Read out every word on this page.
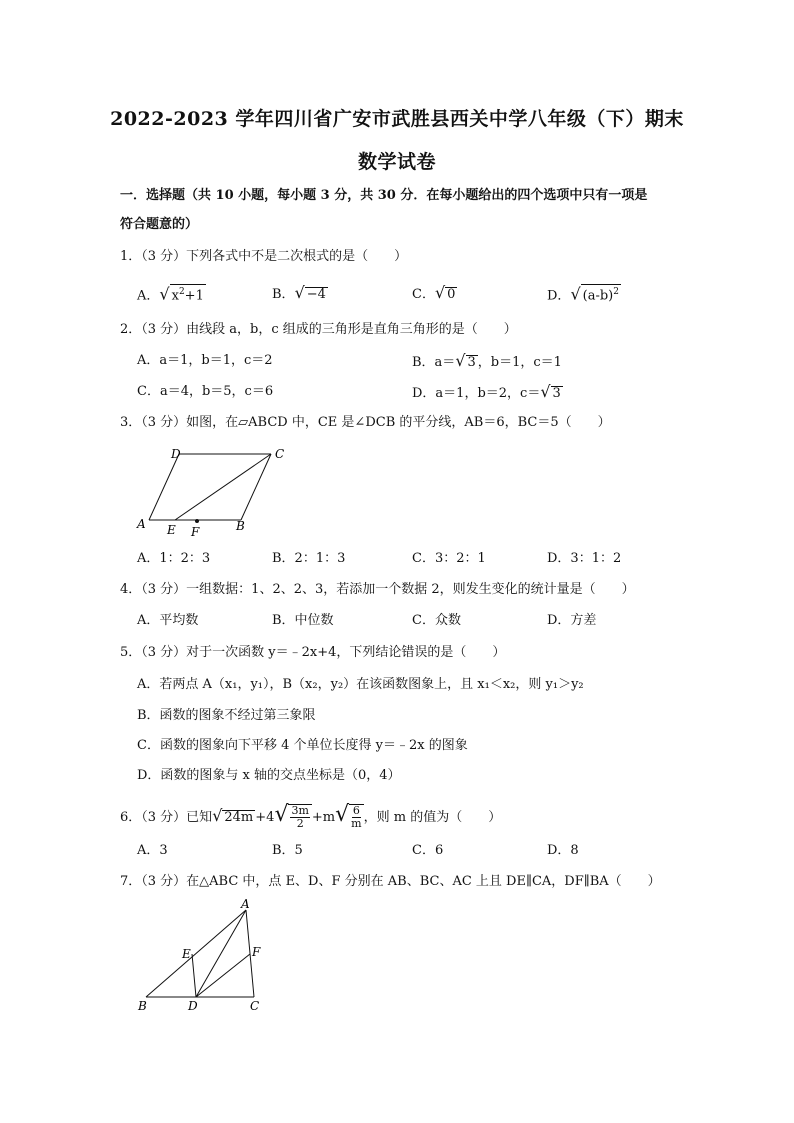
2022-2023 学年四川省广安市武胜县西关中学八年级（下）期末
数学试卷
一．选择题（共 10 小题，每小题 3 分，共 30 分．在每小题给出的四个选项中只有一项是
符合题意的）
1．（3 分）下列各式中不是二次根式的是（　　）
A．√ $x^2+1$	B．√ −4	C．√ 0	D．√ $(a-b)^2$
2．（3 分）由线段 a，b，c 组成的三角形是直角三角形的是（　　）
A．a＝1，b＝1，c＝2	B．a＝√ 3 ，b＝1，c＝1
C．a＝4，b＝5，c＝6	D．a＝1，b＝2，c＝√ 3
3．（3 分）如图，在▱ABCD 中，CE 是∠DCB 的平分线，AB＝6，BC＝5（　　）
D	C
A E F	B
A．1：2：3	B．2：1：3	C．3：2：1	D．3：1：2
4．（3 分）一组数据：1、2、2、3，若添加一个数据 2，则发生变化的统计量是（　　）
A．平均数	B．中位数	C．众数	D．方差
5．（3 分）对于一次函数 y＝﹣2x+4，下列结论错误的是（　　）
A．若两点 A（x₁，y₁），B（x₂，y₂）在该函数图象上，且 x₁＜x₂，则 y₁＞y₂
B．函数的图象不经过第三象限
C．函数的图象向下平移 4 个单位长度得 y＝﹣2x 的图象
D．函数的图象与 x 轴的交点坐标是（0，4）
6．（3 分）已知√ $24m +4√ \frac{3m}{2} +m√ \frac{6}{m}$ ，则 m 的值为（　　）
A．3	B．5	C．6	D．8
7．（3 分）在△ABC 中，点 E、D、F 分别在 AB、BC、AC 上且 DE∥CA，DF∥BA（　　）
A
E	F
B	D	C
